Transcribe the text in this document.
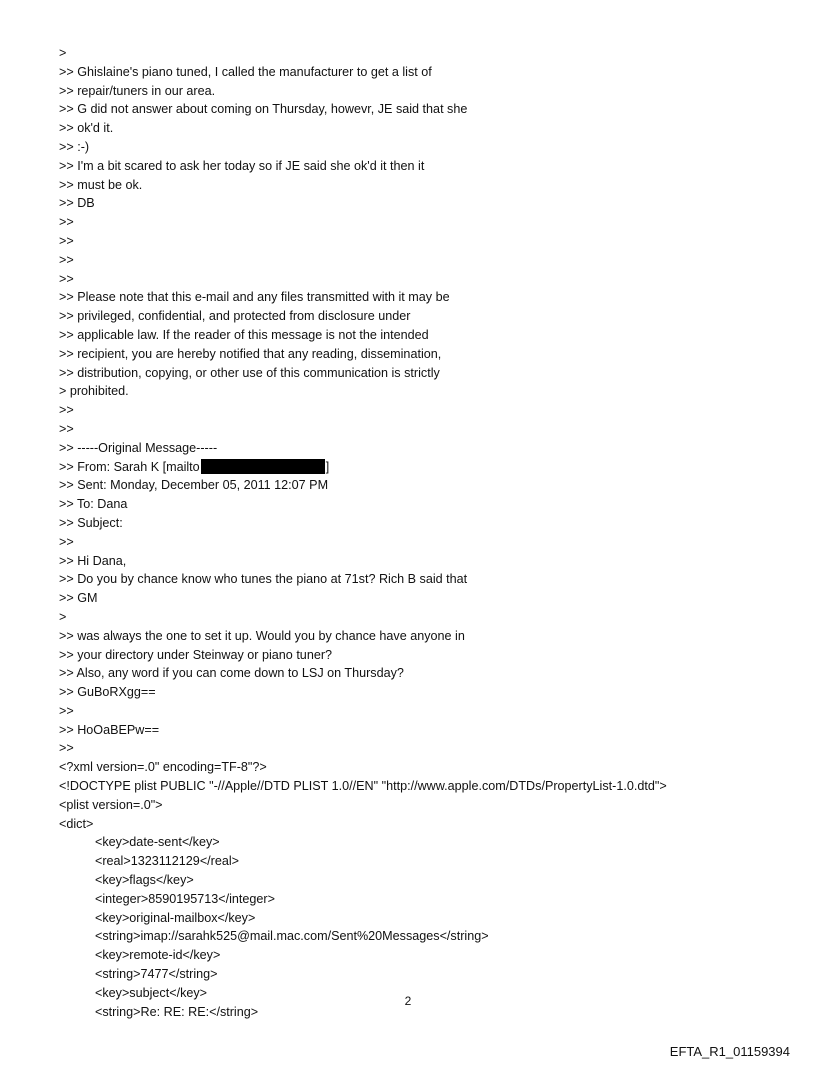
>
>> Ghislaine's piano tuned, I called the manufacturer to get a list of
>> repair/tuners in our area.
>> G did not answer about coming on Thursday, howevr, JE said that she
>> ok'd it.
>> :-)
>> I'm a bit scared to ask her today so if JE said she ok'd it then it
>> must be ok.
>> DB
>>
>>
>>
>>
>> Please note that this e-mail and any files transmitted with it may be
>> privileged, confidential, and protected from disclosure under
>> applicable law. If the reader of this message is not the intended
>> recipient, you are hereby notified that any reading, dissemination,
>> distribution, copying, or other use of this communication is strictly
> prohibited.
>>
>>
>> -----Original Message-----
>> From: Sarah K [mailto	]
>> Sent: Monday, December 05, 2011 12:07 PM
>> To: Dana
>> Subject:
>>
>> Hi Dana,
>> Do you by chance know who tunes the piano at 71st? Rich B said that
>> GM
>
>> was always the one to set it up. Would you by chance have anyone in
>> your directory under Steinway or piano tuner?
>> Also, any word if you can come down to LSJ on Thursday?
>> GuBoRXgg==
>>
>> HoOaBEPw==
>>
<?xml version=.0" encoding=TF-8"?>
<!DOCTYPE plist PUBLIC "-//Apple//DTD PLIST 1.0//EN" "http://www.apple.com/DTDs/PropertyList-1.0.dtd">
<plist version=.0">
<dict>
<key>date-sent</key>
<real>1323112129</real>
<key>flags</key>
<integer>8590195713</integer>
<key>original-mailbox</key>
<string>imap://sarahk525@mail.mac.com/Sent%20Messages</string>
<key>remote-id</key>
<string>7477</string>
<key>subject</key>
<string>Re: RE: RE:</string>
2
EFTA_R1_01159394
